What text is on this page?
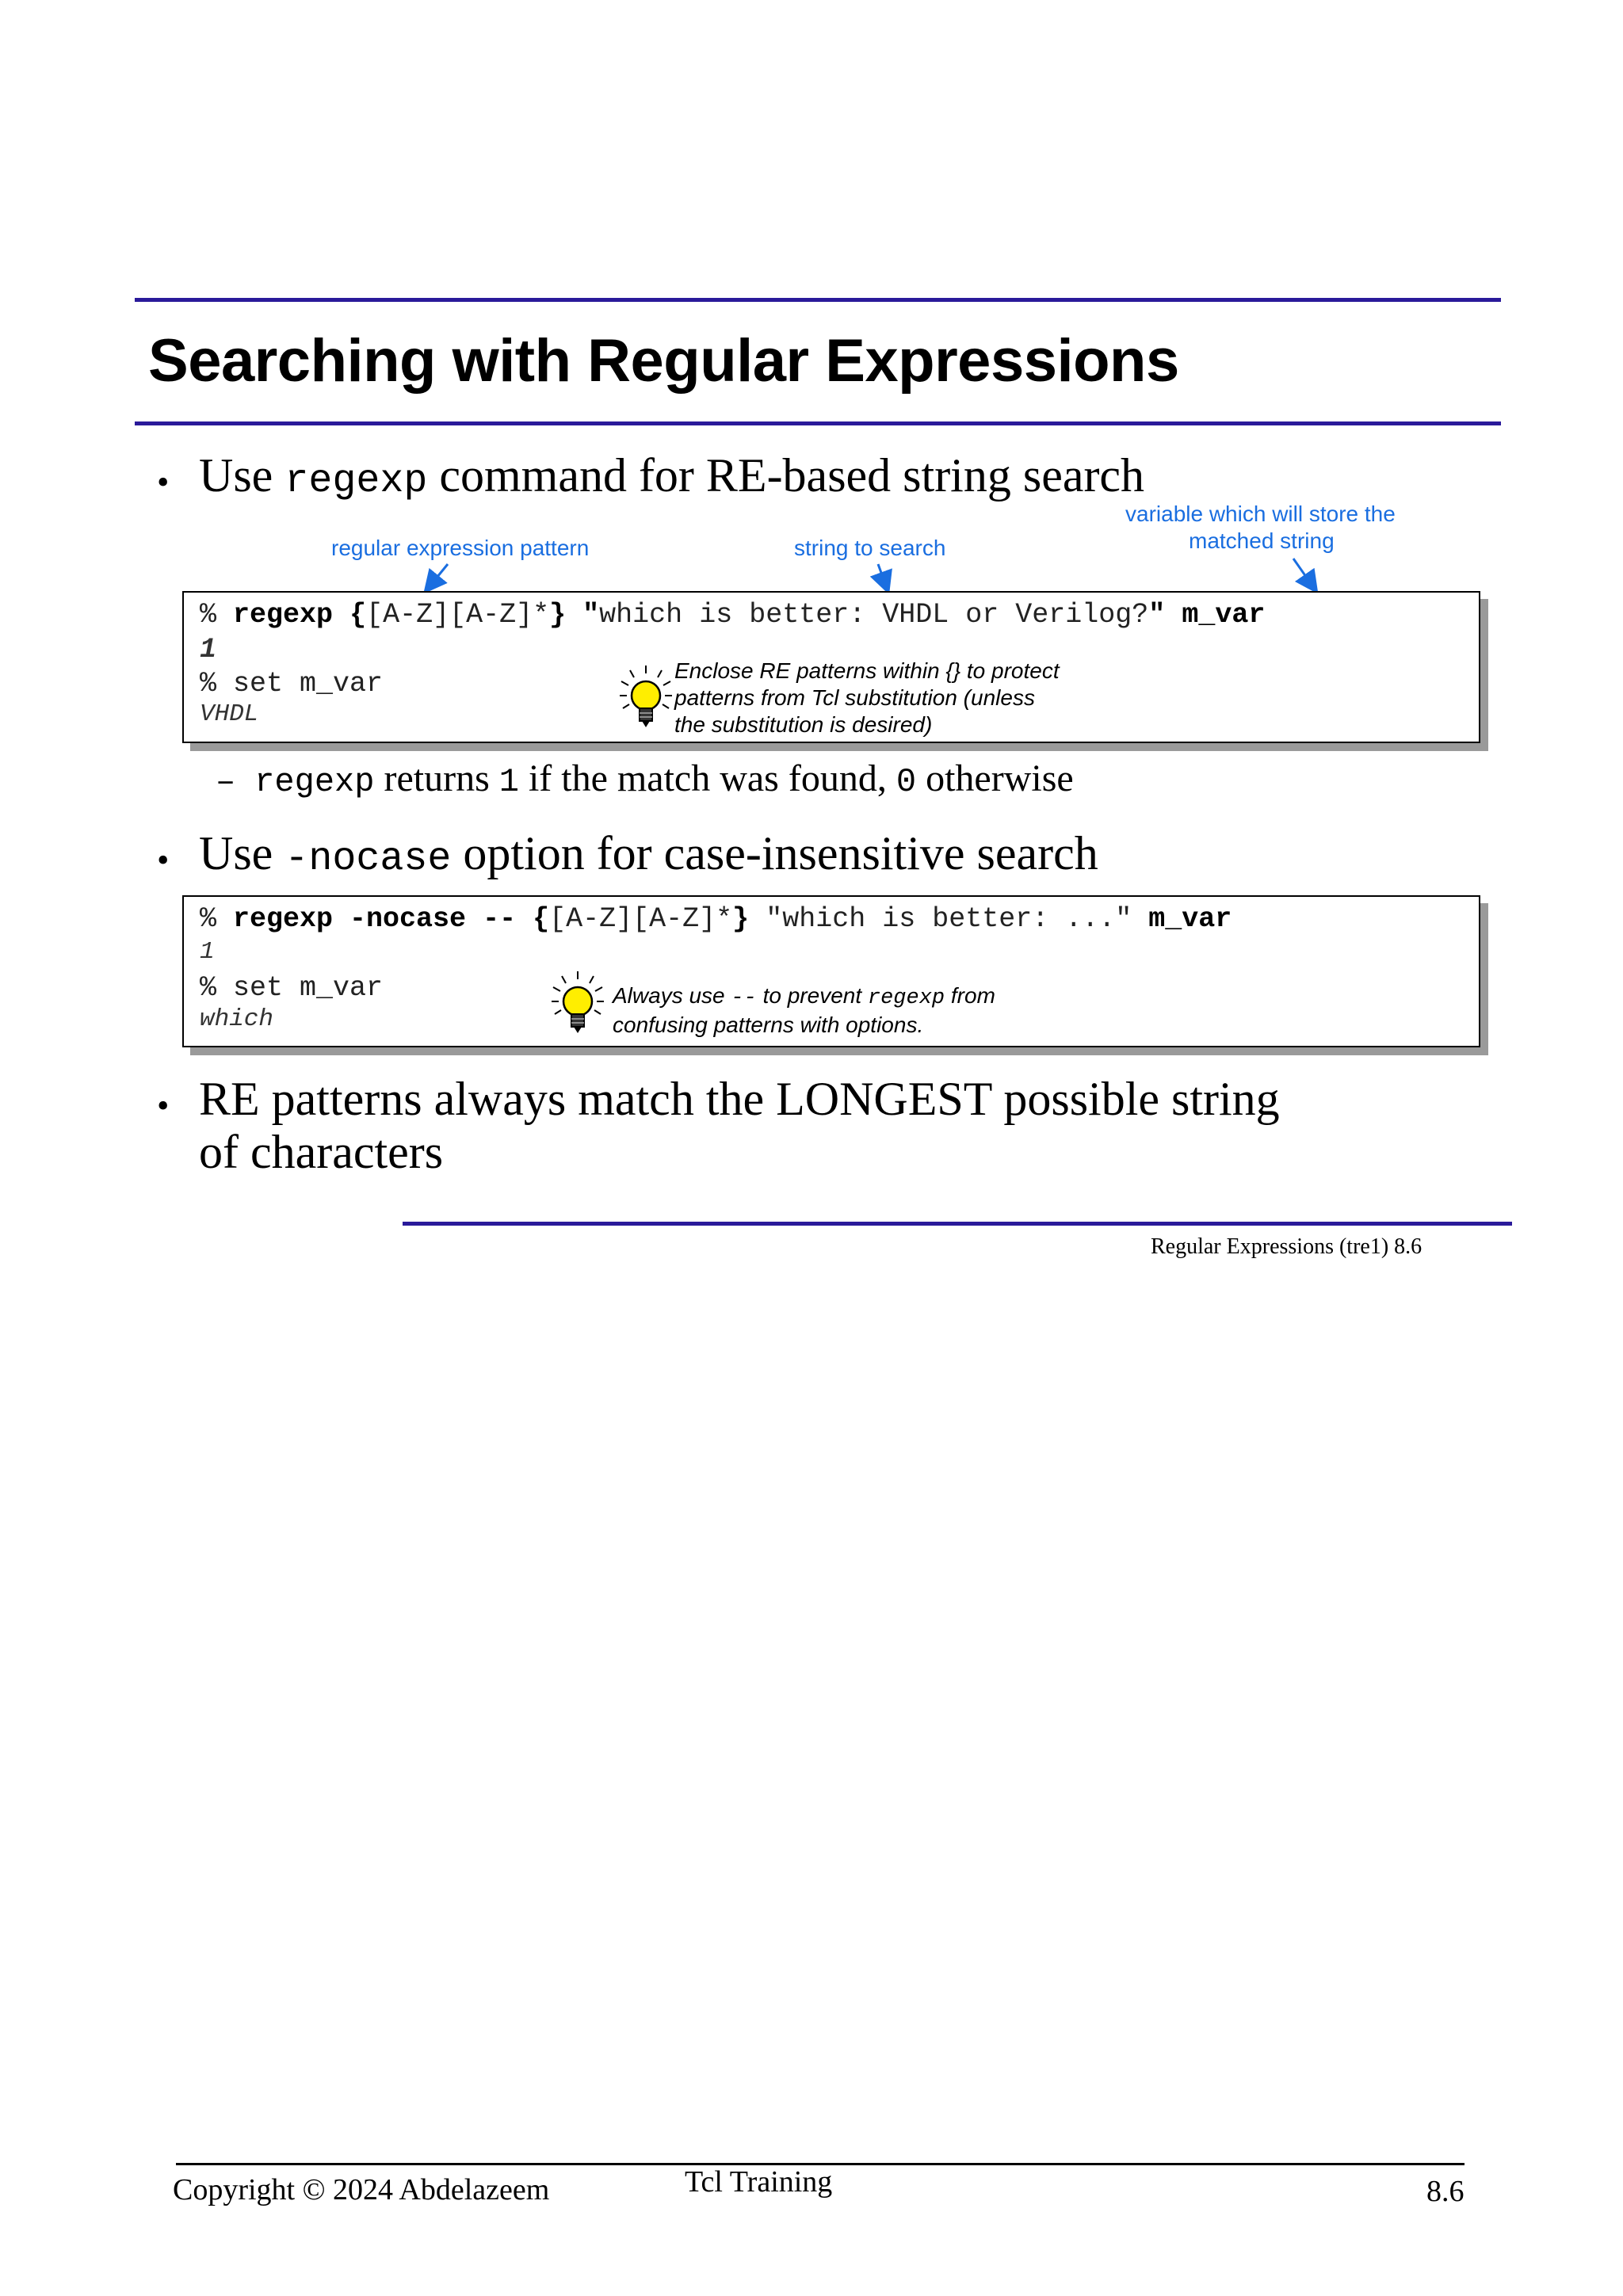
Searching with Regular Expressions
• Use regexp command for RE-based string search
regular expression pattern	string to search
variable which will store the
matched string
% regexp {[A-Z][A-Z]*} "which is better: VHDL or Verilog?" m_var
1
% set m_var
VHDL
Enclose RE patterns within {} to protect
patterns from Tcl substitution (unless
the substitution is desired)
– regexp returns 1 if the match was found, 0 otherwise
• Use -nocase option for case-insensitive search
% regexp -nocase -- {[A-Z][A-Z]*} "which is better: ..." m_var
1
% set m_var
which
Always use -- to prevent regexp from
confusing patterns with options.
• RE patterns always match the LONGEST possible string
of characters
Regular Expressions (tre1) 8.6
Copyright © 2024 Abdelazeem	Tcl Training	8.6
